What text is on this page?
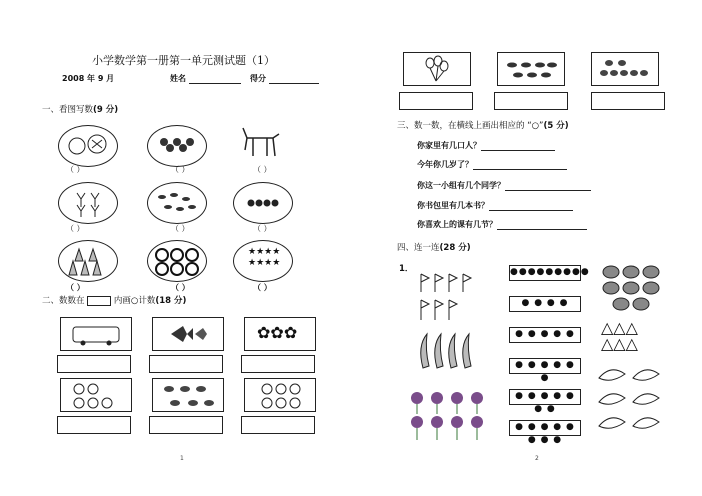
小学数学第一册第一单元测试题（1）
2008 年 9 月	姓名	得分
一、看图写数(9 分)
（ ）	（ ）	（ ）
（ ）	（ ）	（ ）
★★★★
★★★★
（ ）	（ ）	（ ）
二、数数在	内画○计数(18 分)
✿✿✿
1
三、数一数，在横线上画出相应的 “○”(5 分)
你家里有几口人？
今年你几岁了？
你这一小组有几个同学？
你书包里有几本书？
你喜欢上的课有几节？
四、连一连(28 分)
1．	●●●●●●●●●
● ● ● ●
● ● ● ● ●
● ● ● ● ● ●
● ● ● ● ● ● ●
● ● ● ● ● ● ● ●
△△△
△△△
2
